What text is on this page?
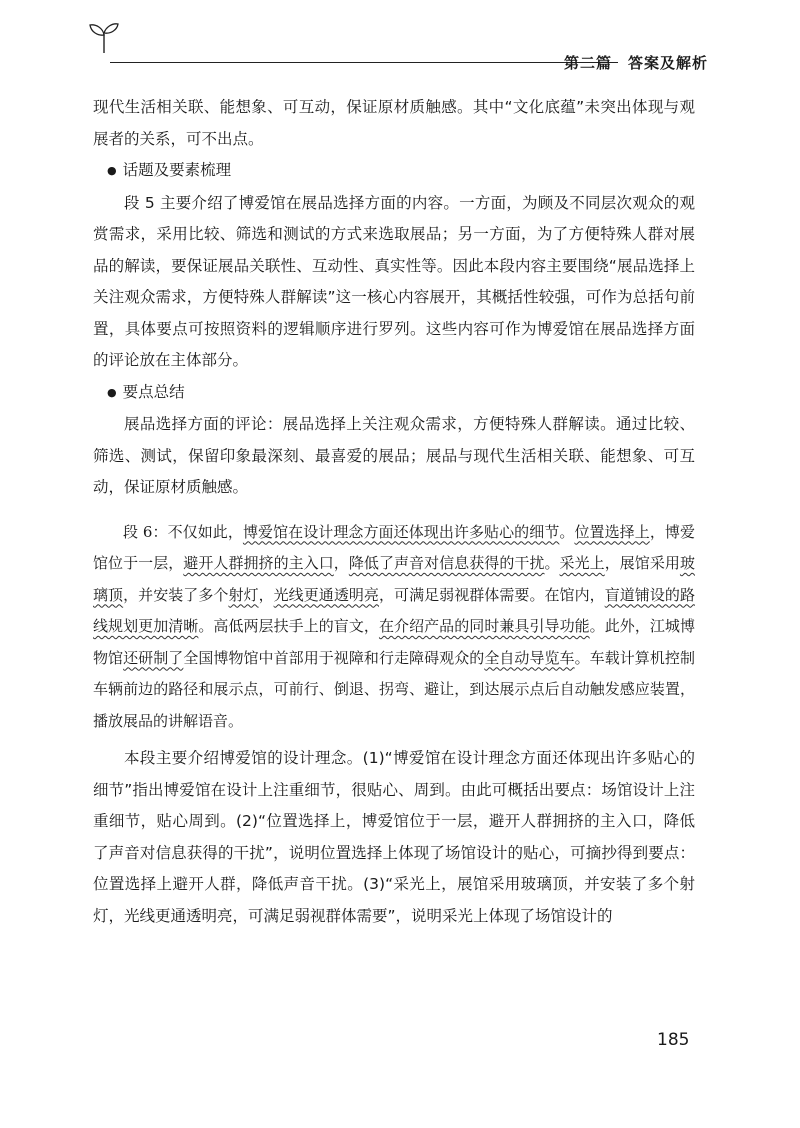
第二篇　答案及解析

现代生活相关联、能想象、可互动，保证原材质触感。其中“文化底蕴”未突出体现与观展者的关系，可不出点。

● 话题及要素梳理

段 5 主要介绍了博爱馆在展品选择方面的内容。一方面，为顾及不同层次观众的观赏需求，采用比较、筛选和测试的方式来选取展品；另一方面，为了方便特殊人群对展品的解读，要保证展品关联性、互动性、真实性等。因此本段内容主要围绕“展品选择上关注观众需求，方便特殊人群解读”这一核心内容展开，其概括性较强，可作为总括句前置，具体要点可按照资料的逻辑顺序进行罗列。这些内容可作为博爱馆在展品选择方面的评论放在主体部分。

● 要点总结

展品选择方面的评论：展品选择上关注观众需求，方便特殊人群解读。通过比较、筛选、测试，保留印象最深刻、最喜爱的展品；展品与现代生活相关联、能想象、可互动，保证原材质触感。

段 6：不仅如此，博爱馆在设计理念方面还体现出许多贴心的细节。位置选择上，博爱馆位于一层，避开人群拥挤的主入口，降低了声音对信息获得的干扰。采光上，展馆采用玻璃顶，并安装了多个射灯，光线更通透明亮，可满足弱视群体需要。在馆内，盲道铺设的路线规划更加清晰。高低两层扶手上的盲文，在介绍产品的同时兼具引导功能。此外，江城博物馆还研制了全国博物馆中首部用于视障和行走障碍观众的全自动导览车。车载计算机控制车辆前边的路径和展示点，可前行、倒退、拐弯、避让，到达展示点后自动触发感应装置，播放展品的讲解语音。

本段主要介绍博爱馆的设计理念。(1)“博爱馆在设计理念方面还体现出许多贴心的细节”指出博爱馆在设计上注重细节，很贴心、周到。由此可概括出要点：场馆设计上注重细节，贴心周到。(2)“位置选择上，博爱馆位于一层，避开人群拥挤的主入口，降低了声音对信息获得的干扰”，说明位置选择上体现了场馆设计的贴心，可摘抄得到要点：位置选择上避开人群，降低声音干扰。(3)“采光上，展馆采用玻璃顶，并安装了多个射灯，光线更通透明亮，可满足弱视群体需要”，说明采光上体现了场馆设计的

185
